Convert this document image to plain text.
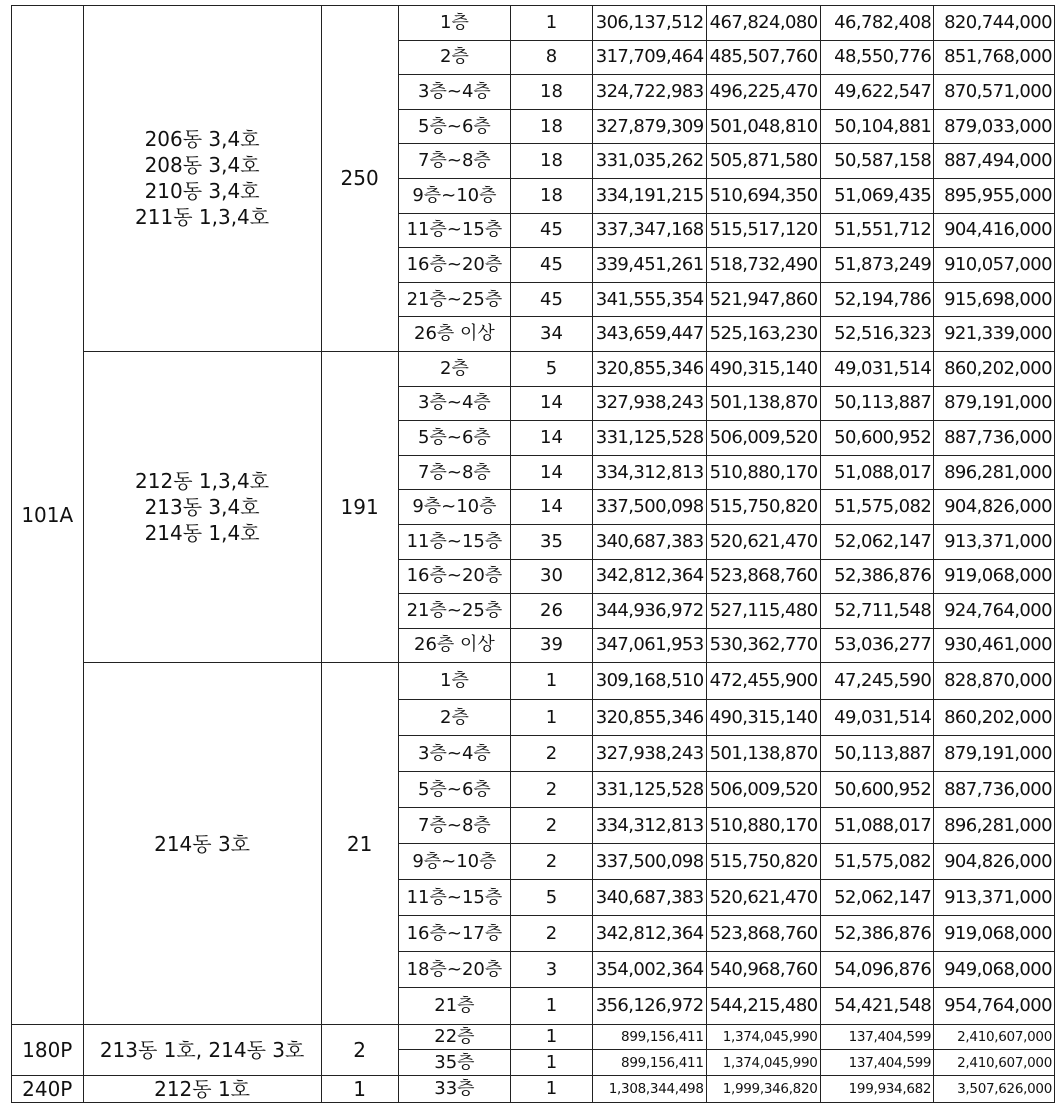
101A	206동 3,4호
208동 3,4호
210동 3,4호
211동 1,3,4호	250	1층	1	306,137,512	467,824,080	46,782,408	820,744,000
			2층	8	317,709,464	485,507,760	48,550,776	851,768,000
			3층~4층	18	324,722,983	496,225,470	49,622,547	870,571,000
			5층~6층	18	327,879,309	501,048,810	50,104,881	879,033,000
			7층~8층	18	331,035,262	505,871,580	50,587,158	887,494,000
			9층~10층	18	334,191,215	510,694,350	51,069,435	895,955,000
			11층~15층	45	337,347,168	515,517,120	51,551,712	904,416,000
			16층~20층	45	339,451,261	518,732,490	51,873,249	910,057,000
			21층~25층	45	341,555,354	521,947,860	52,194,786	915,698,000
			26층 이상	34	343,659,447	525,163,230	52,516,323	921,339,000

	212동 1,3,4호
213동 3,4호
214동 1,4호	191	2층	5	320,855,346	490,315,140	49,031,514	860,202,000
			3층~4층	14	327,938,243	501,138,870	50,113,887	879,191,000
			5층~6층	14	331,125,528	506,009,520	50,600,952	887,736,000
			7층~8층	14	334,312,813	510,880,170	51,088,017	896,281,000
			9층~10층	14	337,500,098	515,750,820	51,575,082	904,826,000
			11층~15층	35	340,687,383	520,621,470	52,062,147	913,371,000
			16층~20층	30	342,812,364	523,868,760	52,386,876	919,068,000
			21층~25층	26	344,936,972	527,115,480	52,711,548	924,764,000
			26층 이상	39	347,061,953	530,362,770	53,036,277	930,461,000

	214동 3호	21	1층	1	309,168,510	472,455,900	47,245,590	828,870,000
			2층	1	320,855,346	490,315,140	49,031,514	860,202,000
			3층~4층	2	327,938,243	501,138,870	50,113,887	879,191,000
			5층~6층	2	331,125,528	506,009,520	50,600,952	887,736,000
			7층~8층	2	334,312,813	510,880,170	51,088,017	896,281,000
			9층~10층	2	337,500,098	515,750,820	51,575,082	904,826,000
			11층~15층	5	340,687,383	520,621,470	52,062,147	913,371,000
			16층~17층	2	342,812,364	523,868,760	52,386,876	919,068,000
			18층~20층	3	354,002,364	540,968,760	54,096,876	949,068,000
			21층	1	356,126,972	544,215,480	54,421,548	954,764,000
180P	213동 1호, 214동 3호	2	22층	1	899,156,411	1,374,045,990	137,404,599	2,410,607,000
			35층	1	899,156,411	1,374,045,990	137,404,599	2,410,607,000
240P	212동 1호	1	33층	1	1,308,344,498	1,999,346,820	199,934,682	3,507,626,000
